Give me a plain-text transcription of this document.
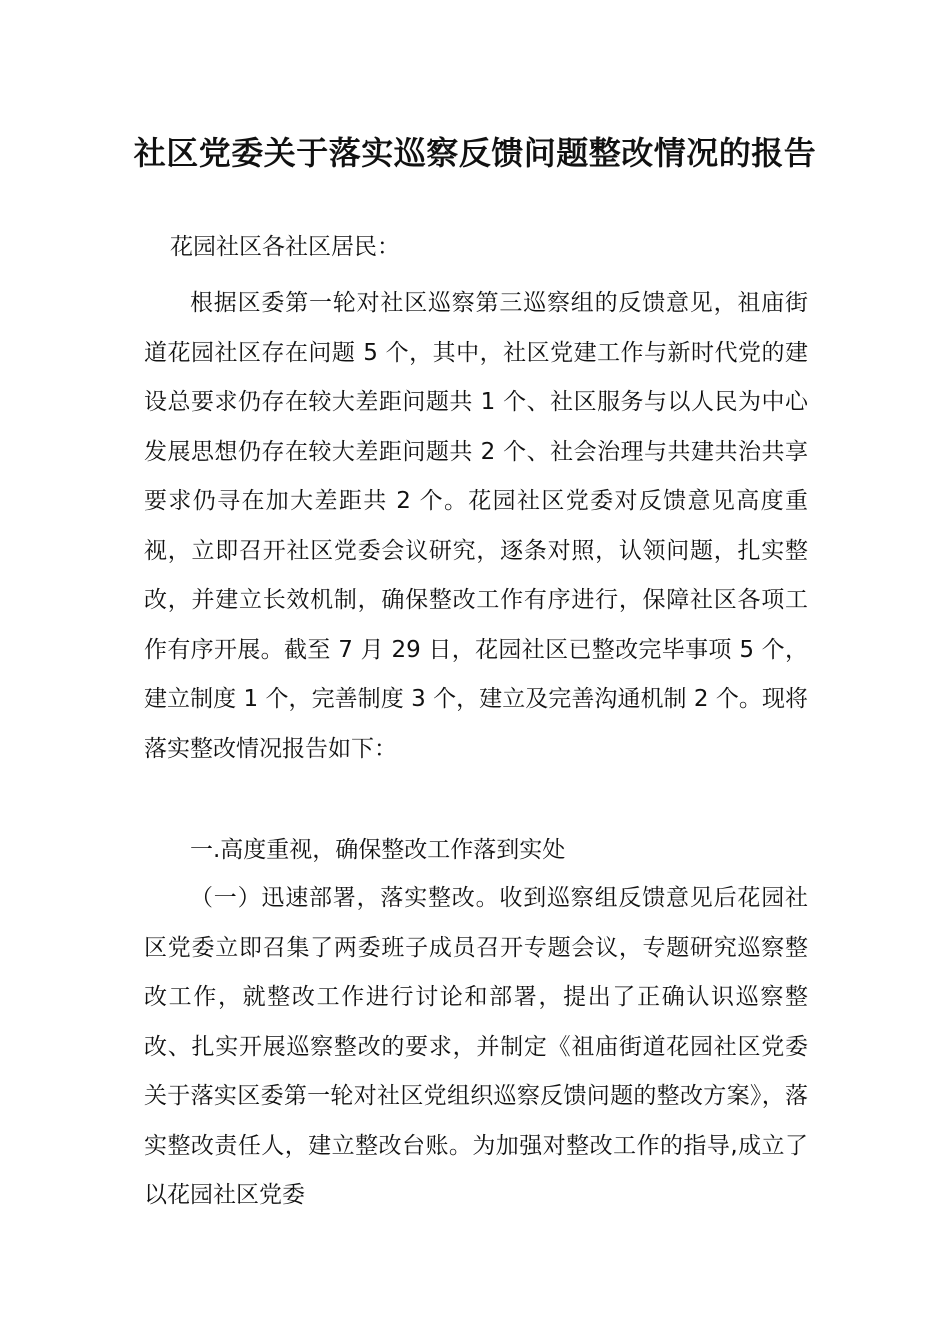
社区党委关于落实巡察反馈问题整改情况的报告

花园社区各社区居民：

根据区委第一轮对社区巡察第三巡察组的反馈意见，祖庙街道花园社区存在问题 5 个，其中，社区党建工作与新时代党的建设总要求仍存在较大差距问题共 1 个、社区服务与以人民为中心发展思想仍存在较大差距问题共 2 个、社会治理与共建共治共享要求仍寻在加大差距共 2 个。花园社区党委对反馈意见高度重视，立即召开社区党委会议研究，逐条对照，认领问题，扎实整改，并建立长效机制，确保整改工作有序进行，保障社区各项工作有序开展。截至 7 月 29 日，花园社区已整改完毕事项 5 个，建立制度 1 个，完善制度 3 个，建立及完善沟通机制 2 个。现将落实整改情况报告如下：

一.高度重视，确保整改工作落到实处

（一）迅速部署，落实整改。收到巡察组反馈意见后花园社区党委立即召集了两委班子成员召开专题会议，专题研究巡察整改工作，就整改工作进行讨论和部署，提出了正确认识巡察整改、扎实开展巡察整改的要求，并制定《祖庙街道花园社区党委关于落实区委第一轮对社区党组织巡察反馈问题的整改方案》，落实整改责任人，建立整改台账。为加强对整改工作的指导,成立了以花园社区党委
